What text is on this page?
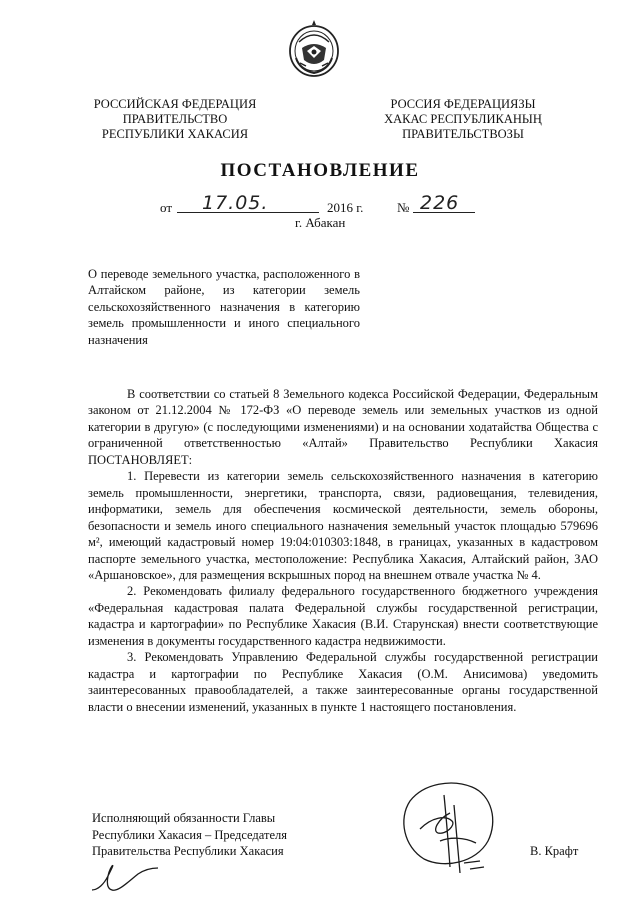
РОССИЙСКАЯ ФЕДЕРАЦИЯ
ПРАВИТЕЛЬСТВО
РЕСПУБЛИКИ ХАКАСИЯ
РОССИЯ ФЕДЕРАЦИЯЗЫ
ХАКАС РЕСПУБЛИКАНЫҢ
ПРАВИТЕЛЬСТВОЗЫ
ПОСТАНОВЛЕНИЕ
от 17.05.	2016 г.	№ 226
г. Абакан
О переводе земельного участка, расположенного в Алтайском районе, из категории земель сельскохозяйственного назначения в категорию земель промышленности и иного специального назначения

В соответствии со статьей 8 Земельного кодекса Российской Федерации, Федеральным законом от 21.12.2004 № 172-ФЗ «О переводе земель или земельных участков из одной категории в другую» (с последующими изменениями) и на основании ходатайства Общества с ограниченной ответственностью «Алтай» Правительство Республики Хакасия ПОСТАНОВЛЯЕТ:

1. Перевести из категории земель сельскохозяйственного назначения в категорию земель промышленности, энергетики, транспорта, связи, радиовещания, телевидения, информатики, земель для обеспечения космической деятельности, земель обороны, безопасности и земель иного специального назначения земельный участок площадью 579696 м², имеющий кадастровый номер 19:04:010303:1848, в границах, указанных в кадастровом паспорте земельного участка, местоположение: Республика Хакасия, Алтайский район, ЗАО «Аршановское», для размещения вскрышных пород на внешнем отвале участка № 4.

2. Рекомендовать филиалу федерального государственного бюджетного учреждения «Федеральная кадастровая палата Федеральной службы государственной регистрации, кадастра и картографии» по Республике Хакасия (В.И. Старунская) внести соответствующие изменения в документы государственного кадастра недвижимости.

3. Рекомендовать Управлению Федеральной службы государственной регистрации кадастра и картографии по Республике Хакасия (О.М. Анисимова) уведомить заинтересованных правообладателей, а также заинтересованные органы государственной власти о внесении изменений, указанных в пункте 1 настоящего постановления.

Исполняющий обязанности Главы
Республики Хакасия – Председателя
Правительства Республики Хакасия	В. Крафт
